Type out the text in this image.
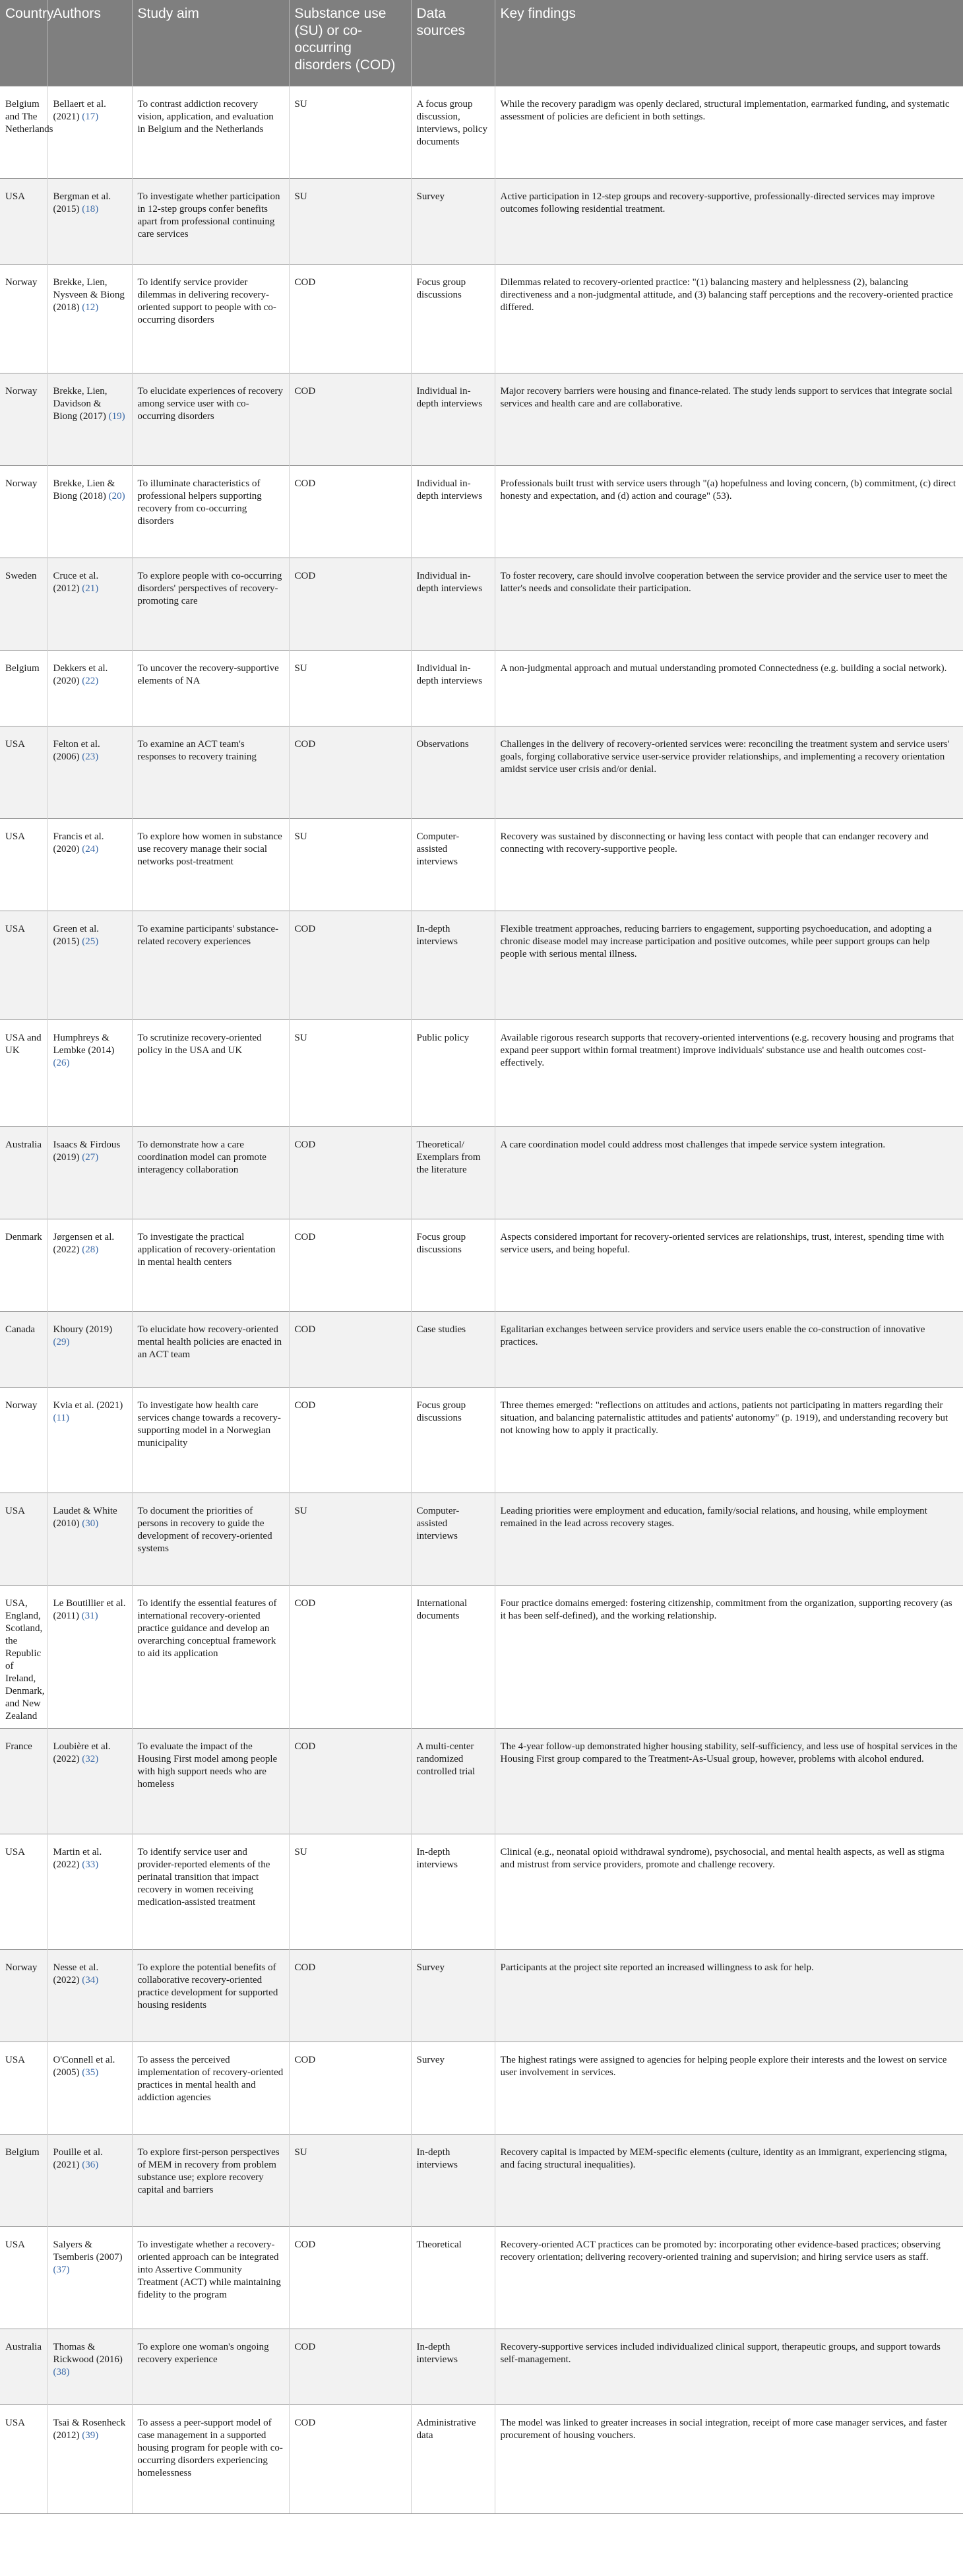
Country	Authors	Study aim	Substance use (SU) or co-occurring disorders (COD)	Data sources	Key findings
Belgium and The Netherlands	Bellaert et al. (2021) (17)	To contrast addiction recovery vision, application, and evaluation in Belgium and the Netherlands	SU	A focus group discussion, interviews, policy documents	While the recovery paradigm was openly declared, structural implementation, earmarked funding, and systematic assessment of policies are deficient in both settings.
USA	Bergman et al. (2015) (18)	To investigate whether participation in 12-step groups confer benefits apart from professional continuing care services	SU	Survey	Active participation in 12-step groups and recovery-supportive, professionally-directed services may improve outcomes following residential treatment.
Norway	Brekke, Lien, Nysveen & Biong (2018) (12)	To identify service provider dilemmas in delivering recovery-oriented support to people with co-occurring disorders	COD	Focus group discussions	Dilemmas related to recovery-oriented practice: "(1) balancing mastery and helplessness (2), balancing directiveness and a non-judgmental attitude, and (3) balancing staff perceptions and the recovery-oriented practice differed.
Norway	Brekke, Lien, Davidson & Biong (2017) (19)	To elucidate experiences of recovery among service user with co-occurring disorders	COD	Individual in-depth interviews	Major recovery barriers were housing and finance-related. The study lends support to services that integrate social services and health care and are collaborative.
Norway	Brekke, Lien & Biong (2018) (20)	To illuminate characteristics of professional helpers supporting recovery from co-occurring disorders	COD	Individual in-depth interviews	Professionals built trust with service users through "(a) hopefulness and loving concern, (b) commitment, (c) direct honesty and expectation, and (d) action and courage" (53).
Sweden	Cruce et al. (2012) (21)	To explore people with co-occurring disorders' perspectives of recovery-promoting care	COD	Individual in-depth interviews	To foster recovery, care should involve cooperation between the service provider and the service user to meet the latter's needs and consolidate their participation.
Belgium	Dekkers et al. (2020) (22)	To uncover the recovery-supportive elements of NA	SU	Individual in-depth interviews	A non-judgmental approach and mutual understanding promoted Connectedness (e.g. building a social network).
USA	Felton et al. (2006) (23)	To examine an ACT team's responses to recovery training	COD	Observations	Challenges in the delivery of recovery-oriented services were: reconciling the treatment system and service users' goals, forging collaborative service user-service provider relationships, and implementing a recovery orientation amidst service user crisis and/or denial.
USA	Francis et al. (2020) (24)	To explore how women in substance use recovery manage their social networks post-treatment	SU	Computer-assisted interviews	Recovery was sustained by disconnecting or having less contact with people that can endanger recovery and connecting with recovery-supportive people.
USA	Green et al. (2015) (25)	To examine participants' substance-related recovery experiences	COD	In-depth interviews	Flexible treatment approaches, reducing barriers to engagement, supporting psychoeducation, and adopting a chronic disease model may increase participation and positive outcomes, while peer support groups can help people with serious mental illness.
USA and UK	Humphreys & Lembke (2014) (26)	To scrutinize recovery-oriented policy in the USA and UK	SU	Public policy	Available rigorous research supports that recovery-oriented interventions (e.g. recovery housing and programs that expand peer support within formal treatment) improve individuals' substance use and health outcomes cost-effectively.
Australia	Isaacs & Firdous (2019) (27)	To demonstrate how a care coordination model can promote interagency collaboration	COD	Theoretical/ Exemplars from the literature	A care coordination model could address most challenges that impede service system integration.
Denmark	Jørgensen et al. (2022) (28)	To investigate the practical application of recovery-orientation in mental health centers	COD	Focus group discussions	Aspects considered important for recovery-oriented services are relationships, trust, interest, spending time with service users, and being hopeful.
Canada	Khoury (2019) (29)	To elucidate how recovery-oriented mental health policies are enacted in an ACT team	COD	Case studies	Egalitarian exchanges between service providers and service users enable the co-construction of innovative practices.
Norway	Kvia et al. (2021) (11)	To investigate how health care services change towards a recovery-supporting model in a Norwegian municipality	COD	Focus group discussions	Three themes emerged: "reflections on attitudes and actions, patients not participating in matters regarding their situation, and balancing paternalistic attitudes and patients' autonomy" (p. 1919), and understanding recovery but not knowing how to apply it practically.
USA	Laudet & White (2010) (30)	To document the priorities of persons in recovery to guide the development of recovery-oriented systems	SU	Computer-assisted interviews	Leading priorities were employment and education, family/social relations, and housing, while employment remained in the lead across recovery stages.
USA, England, Scotland, the Republic of Ireland, Denmark, and New Zealand	Le Boutillier et al. (2011) (31)	To identify the essential features of international recovery-oriented practice guidance and develop an overarching conceptual framework to aid its application	COD	International documents	Four practice domains emerged: fostering citizenship, commitment from the organization, supporting recovery (as it has been self-defined), and the working relationship.
France	Loubière et al. (2022) (32)	To evaluate the impact of the Housing First model among people with high support needs who are homeless	COD	A multi-center randomized controlled trial	The 4-year follow-up demonstrated higher housing stability, self-sufficiency, and less use of hospital services in the Housing First group compared to the Treatment-As-Usual group, however, problems with alcohol endured.
USA	Martin et al. (2022) (33)	To identify service user and provider-reported elements of the perinatal transition that impact recovery in women receiving medication-assisted treatment	SU	In-depth interviews	Clinical (e.g., neonatal opioid withdrawal syndrome), psychosocial, and mental health aspects, as well as stigma and mistrust from service providers, promote and challenge recovery.
Norway	Nesse et al. (2022) (34)	To explore the potential benefits of collaborative recovery-oriented practice development for supported housing residents	COD	Survey	Participants at the project site reported an increased willingness to ask for help.
USA	O'Connell et al. (2005) (35)	To assess the perceived implementation of recovery-oriented practices in mental health and addiction agencies	COD	Survey	The highest ratings were assigned to agencies for helping people explore their interests and the lowest on service user involvement in services.
Belgium	Pouille et al. (2021) (36)	To explore first-person perspectives of MEM in recovery from problem substance use; explore recovery capital and barriers	SU	In-depth interviews	Recovery capital is impacted by MEM-specific elements (culture, identity as an immigrant, experiencing stigma, and facing structural inequalities).
USA	Salyers & Tsemberis (2007) (37)	To investigate whether a recovery-oriented approach can be integrated into Assertive Community Treatment (ACT) while maintaining fidelity to the program	COD	Theoretical	Recovery-oriented ACT practices can be promoted by: incorporating other evidence-based practices; observing recovery orientation; delivering recovery-oriented training and supervision; and hiring service users as staff.
Australia	Thomas & Rickwood (2016) (38)	To explore one woman's ongoing recovery experience	COD	In-depth interviews	Recovery-supportive services included individualized clinical support, therapeutic groups, and support towards self-management.
USA	Tsai & Rosenheck (2012) (39)	To assess a peer-support model of case management in a supported housing program for people with co-occurring disorders experiencing homelessness	COD	Administrative data	The model was linked to greater increases in social integration, receipt of more case manager services, and faster procurement of housing vouchers.
